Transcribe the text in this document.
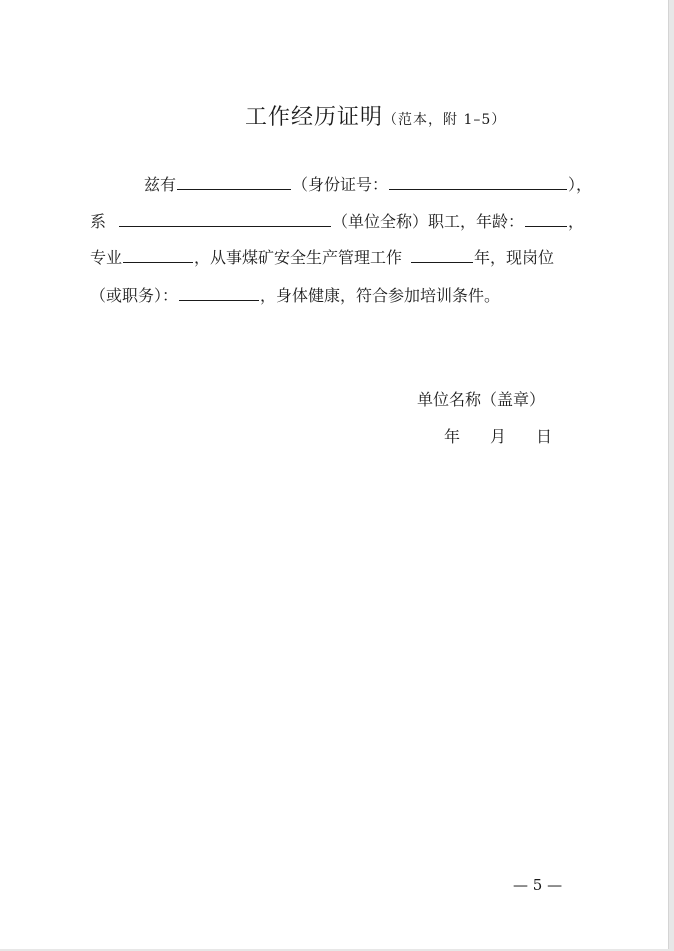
工作经历证明（范本，附 1–5）
兹有	（身份证号：	），
系	（单位全称）职工，年龄：	，
专业	，从事煤矿安全生产管理工作	年，现岗位
（或职务）：	，身体健康，符合参加培训条件。
单位名称（盖章）
年 月 日
— 5 —
